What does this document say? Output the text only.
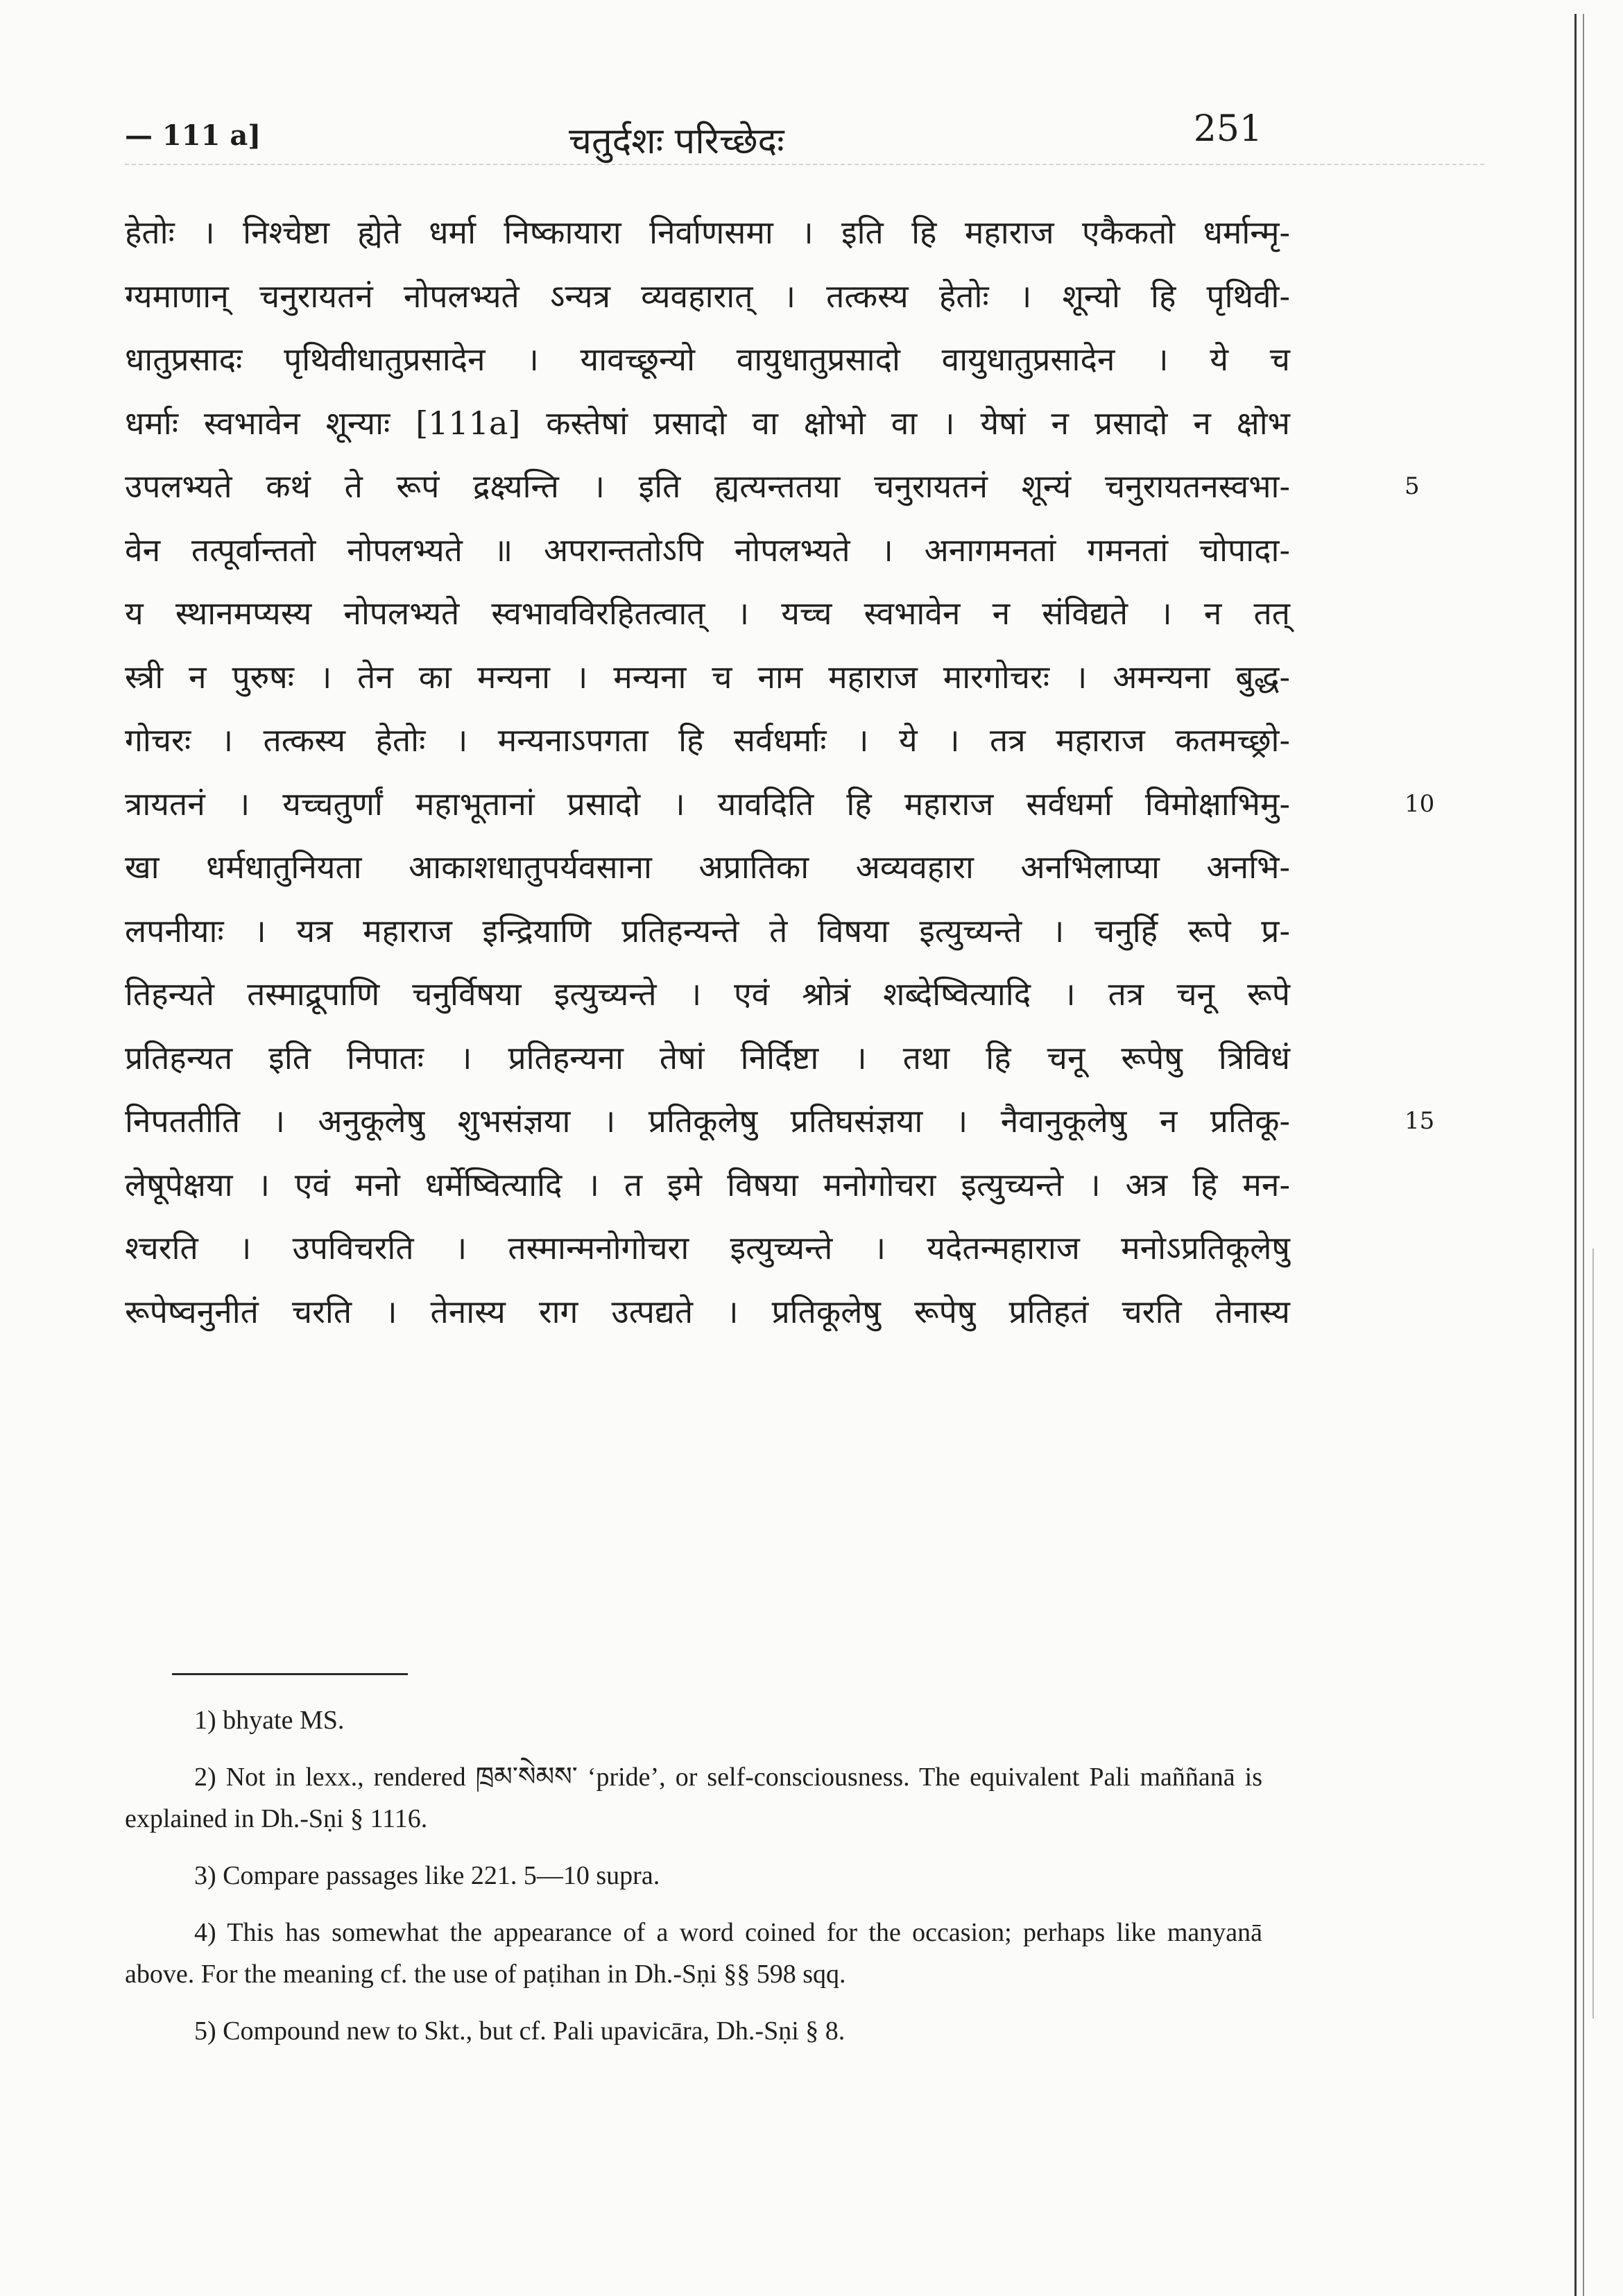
— 111 a]	चतुर्दशः परिच्छेदः	251
हेतोः । निश्चेष्टा ह्येते धर्मा निष्कायारा निर्वाणसमा । इति हि महाराज एकैकतो धर्मान्मृ-
ग्यमाणान् चनुरायतनं नोपलभ्यते ऽन्यत्र व्यवहारात् । तत्कस्य हेतोः । शून्यो हि पृथिवी-
धातुप्रसादः पृथिवीधातुप्रसादेन । यावच्छून्यो वायुधातुप्रसादो वायुधातुप्रसादेन । ये च
धर्माः स्वभावेन शून्याः [111a] कस्तेषां प्रसादो वा क्षोभो वा । येषां न प्रसादो न क्षोभ
उपलभ्यते कथं ते रूपं द्रक्ष्यन्ति । इति ह्यत्यन्ततया चनुरायतनं शून्यं चनुरायतनस्वभा-	5
वेन तत्पूर्वान्ततो नोपलभ्यते ॥ अपरान्ततोऽपि नोपलभ्यते । अनागमनतां गमनतां चोपादा-
य स्थानमप्यस्य नोपलभ्यते स्वभावविरहितत्वात् । यच्च स्वभावेन न संविद्यते । न तत्
स्त्री न पुरुषः । तेन का मन्यना । मन्यना च नाम महाराज मारगोचरः । अमन्यना बुद्ध-
गोचरः । तत्कस्य हेतोः । मन्यनाऽपगता हि सर्वधर्माः । ये । तत्र महाराज कतमच्छ्रो-
त्रायतनं । यच्चतुर्णां महाभूतानां प्रसादो । यावदिति हि महाराज सर्वधर्मा विमोक्षाभिमु-	10
खा धर्मधातुनियता आकाशधातुपर्यवसाना अप्रातिका अव्यवहारा अनभिलाप्या अनभि-
लपनीयाः । यत्र महाराज इन्द्रियाणि प्रतिहन्यन्ते ते विषया इत्युच्यन्ते । चनुर्हि रूपे प्र-
तिहन्यते तस्माद्रूपाणि चनुर्विषया इत्युच्यन्ते । एवं श्रोत्रं शब्देष्वित्यादि । तत्र चनू रूपे
प्रतिहन्यत इति निपातः । प्रतिहन्यना तेषां निर्दिष्टा । तथा हि चनू रूपेषु त्रिविधं
निपततीति । अनुकूलेषु शुभसंज्ञया । प्रतिकूलेषु प्रतिघसंज्ञया । नैवानुकूलेषु न प्रतिकू-	15
लेषूपेक्षया । एवं मनो धर्मेष्वित्यादि । त इमे विषया मनोगोचरा इत्युच्यन्ते । अत्र हि मन-
श्चरति । उपविचरति । तस्मान्मनोगोचरा इत्युच्यन्ते । यदेतन्महाराज मनोऽप्रतिकूलेषु
रूपेष्वनुनीतं चरति । तेनास्य राग उत्पद्यते । प्रतिकूलेषु रूपेषु प्रतिहतं चरति तेनास्य
1) bhyate MS.
2) Not in lexx., rendered ཁྲམ་སེམས་ ‘pride’, or self-consciousness. The equivalent Pali maññanā is explained in Dh.-Sṇi § 1116.
3) Compare passages like 221. 5—10 supra.
4) This has somewhat the appearance of a word coined for the occasion; perhaps like manyanā above. For the meaning cf. the use of paṭihan in Dh.-Sṇi §§ 598 sqq.
5) Compound new to Skt., but cf. Pali upavicāra, Dh.-Sṇi § 8.
